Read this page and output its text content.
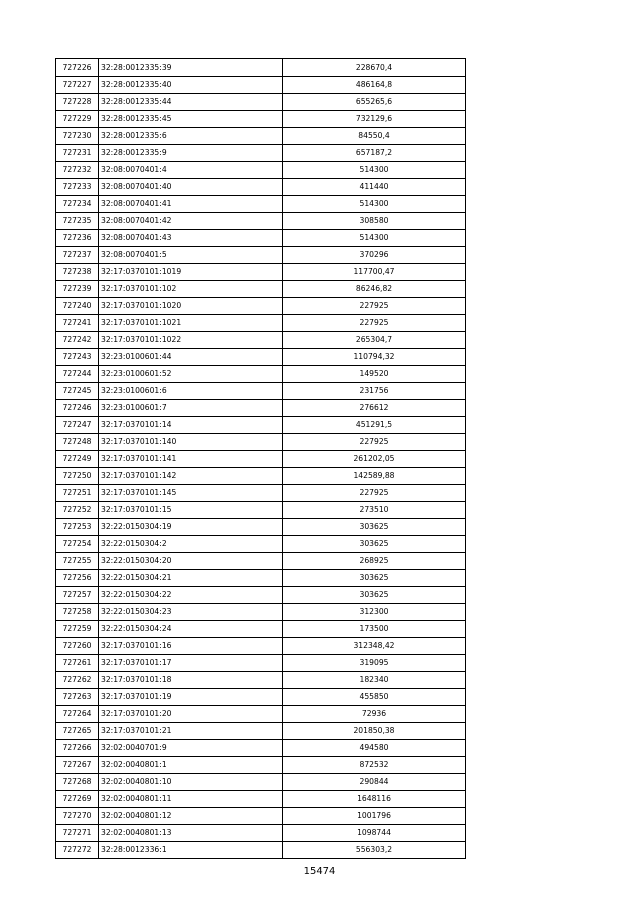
727226	32:28:0012335:39	228670,4
727227	32:28:0012335:40	486164,8
727228	32:28:0012335:44	655265,6
727229	32:28:0012335:45	732129,6
727230	32:28:0012335:6	84550,4
727231	32:28:0012335:9	657187,2
727232	32:08:0070401:4	514300
727233	32:08:0070401:40	411440
727234	32:08:0070401:41	514300
727235	32:08:0070401:42	308580
727236	32:08:0070401:43	514300
727237	32:08:0070401:5	370296
727238	32:17:0370101:1019	117700,47
727239	32:17:0370101:102	86246,82
727240	32:17:0370101:1020	227925
727241	32:17:0370101:1021	227925
727242	32:17:0370101:1022	265304,7
727243	32:23:0100601:44	110794,32
727244	32:23:0100601:52	149520
727245	32:23:0100601:6	231756
727246	32:23:0100601:7	276612
727247	32:17:0370101:14	451291,5
727248	32:17:0370101:140	227925
727249	32:17:0370101:141	261202,05
727250	32:17:0370101:142	142589,88
727251	32:17:0370101:145	227925
727252	32:17:0370101:15	273510
727253	32:22:0150304:19	303625
727254	32:22:0150304:2	303625
727255	32:22:0150304:20	268925
727256	32:22:0150304:21	303625
727257	32:22:0150304:22	303625
727258	32:22:0150304:23	312300
727259	32:22:0150304:24	173500
727260	32:17:0370101:16	312348,42
727261	32:17:0370101:17	319095
727262	32:17:0370101:18	182340
727263	32:17:0370101:19	455850
727264	32:17:0370101:20	72936
727265	32:17:0370101:21	201850,38
727266	32:02:0040701:9	494580
727267	32:02:0040801:1	872532
727268	32:02:0040801:10	290844
727269	32:02:0040801:11	1648116
727270	32:02:0040801:12	1001796
727271	32:02:0040801:13	1098744
727272	32:28:0012336:1	556303,2
15474
